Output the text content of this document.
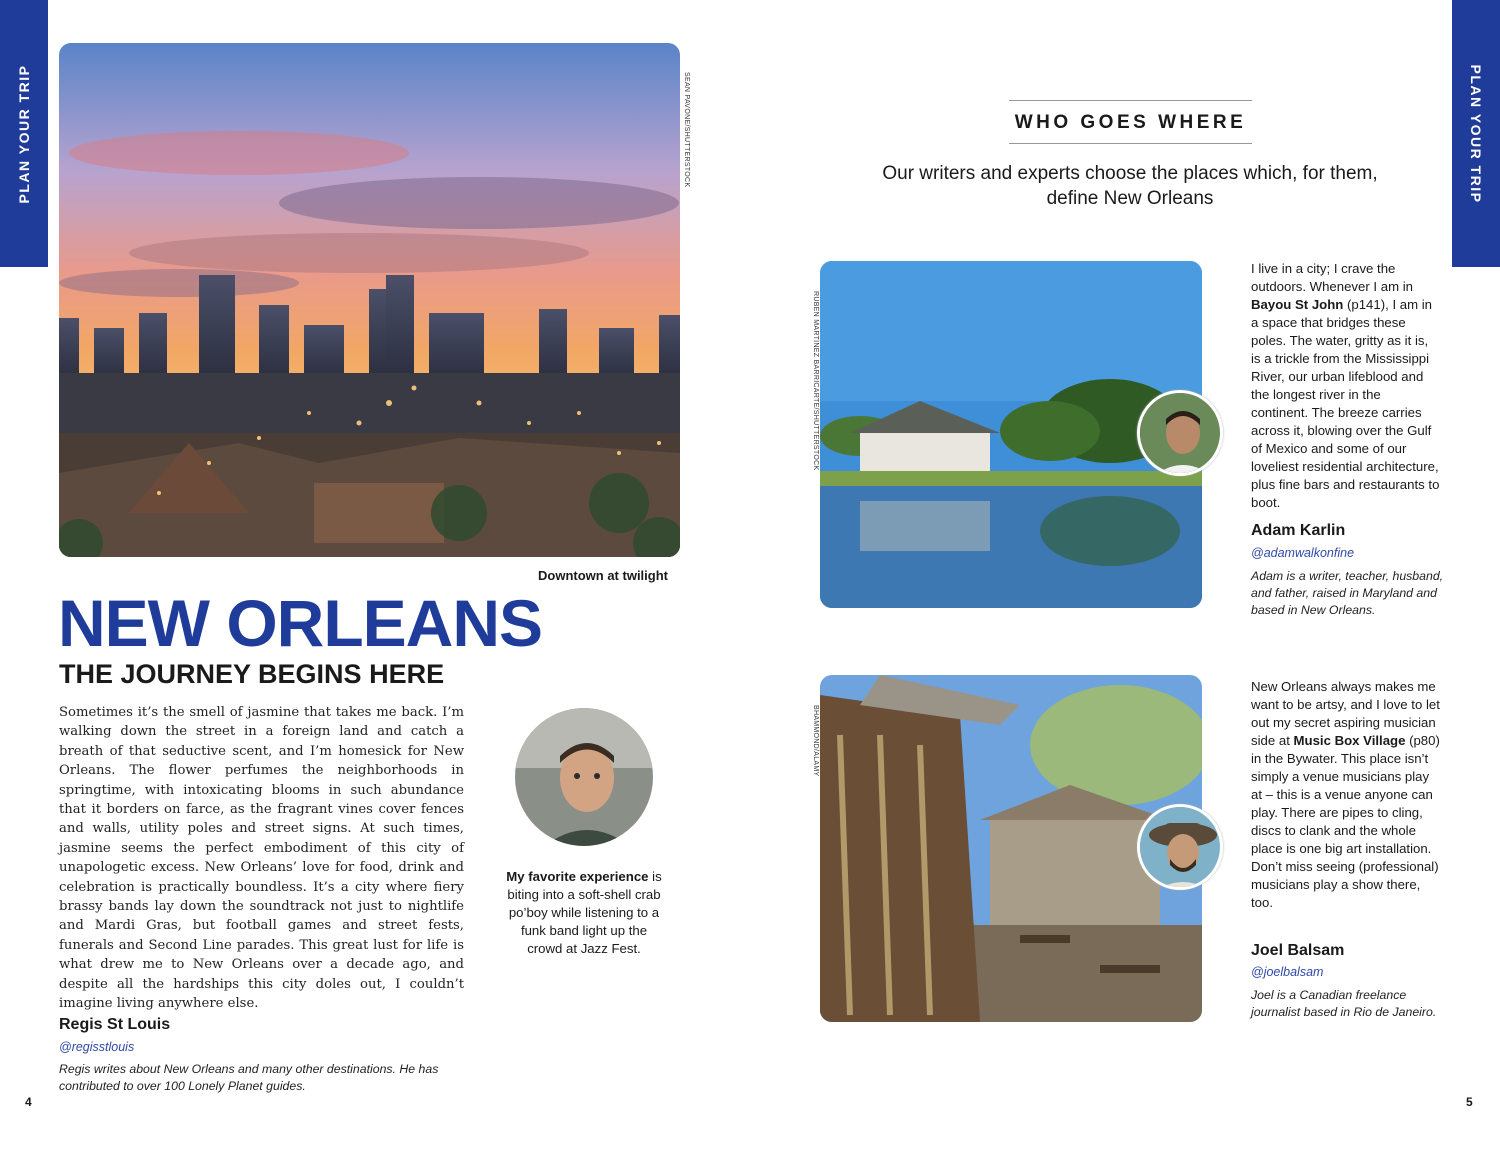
PLAN YOUR TRIP	PLAN YOUR TRIP
SEAN PAVONE/SHUTTERSTOCK
Downtown at twilight
NEW ORLEANS
THE JOURNEY BEGINS HERE
Sometimes it’s the smell of jasmine that takes me back. I’m walking down the street in a foreign land and catch a breath of that seductive scent, and I’m homesick for New Orleans. The flower perfumes the neighborhoods in springtime, with intoxicating blooms in such abundance that it borders on farce, as the fragrant vines cover fences and walls, utility poles and street signs. At such times, jasmine seems the perfect embodiment of this city of unapologetic excess. New Orleans’ love for food, drink and celebration is practically boundless. It’s a city where fiery brassy bands lay down the soundtrack not just to nightlife and Mardi Gras, but football games and street fests, funerals and Second Line parades. This great lust for life is what drew me to New Orleans over a decade ago, and despite all the hardships this city doles out, I couldn’t imagine living anywhere else.
My favorite experience is biting into a soft-shell crab po’boy while listening to a funk band light up the crowd at Jazz Fest.
Regis St Louis
@regisstlouis
Regis writes about New Orleans and many other destinations. He has contributed to over 100 Lonely Planet guides.
4
WHO GOES WHERE
Our writers and experts choose the places which, for them, define New Orleans
RUBEN MARTINEZ BARRICARTE/SHUTTERSTOCK
I live in a city; I crave the outdoors. Whenever I am in Bayou St John (p141), I am in a space that bridges these poles. The water, gritty as it is, is a trickle from the Mississippi River, our urban lifeblood and the longest river in the continent. The breeze carries across it, blowing over the Gulf of Mexico and some of our loveliest residential architecture, plus fine bars and restaurants to boot.
Adam Karlin
@adamwalkonfine
Adam is a writer, teacher, husband, and father, raised in Maryland and based in New Orleans.
BHAMMOND/ALAMY
New Orleans always makes me want to be artsy, and I love to let out my secret aspiring musician side at Music Box Village (p80) in the Bywater. This place isn’t simply a venue musicians play at – this is a venue anyone can play. There are pipes to cling, discs to clank and the whole place is one big art installation. Don’t miss seeing (professional) musicians play a show there, too.
Joel Balsam
@joelbalsam
Joel is a Canadian freelance journalist based in Rio de Janeiro.
5
